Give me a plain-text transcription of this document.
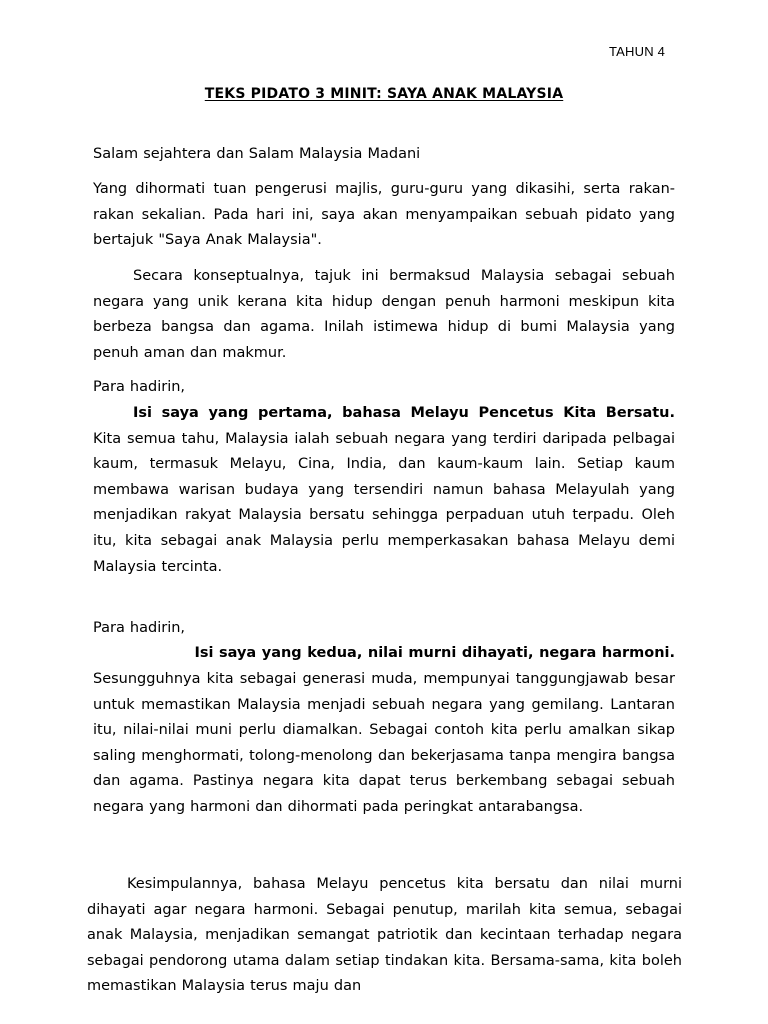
TAHUN 4
TEKS PIDATO 3 MINIT: SAYA ANAK MALAYSIA
Salam sejahtera dan Salam Malaysia Madani
Yang dihormati tuan pengerusi majlis, guru-guru yang dikasihi, serta rakan-rakan sekalian. Pada hari ini, saya akan menyampaikan sebuah pidato yang bertajuk "Saya Anak Malaysia".
Secara konseptualnya, tajuk ini bermaksud Malaysia sebagai sebuah negara yang unik kerana kita hidup dengan penuh harmoni meskipun kita berbeza bangsa dan agama. Inilah istimewa hidup di bumi Malaysia yang penuh aman dan makmur.
Para hadirin,
Isi saya yang pertama, bahasa Melayu Pencetus Kita Bersatu. Kita semua tahu, Malaysia ialah sebuah negara yang terdiri daripada pelbagai kaum, termasuk Melayu, Cina, India, dan kaum-kaum lain. Setiap kaum membawa warisan budaya yang tersendiri namun bahasa Melayulah yang menjadikan rakyat Malaysia bersatu sehingga perpaduan utuh terpadu. Oleh itu, kita sebagai anak Malaysia perlu memperkasakan bahasa Melayu demi Malaysia tercinta.
Para hadirin,
Isi saya yang kedua, nilai murni dihayati, negara harmoni.
Sesungguhnya kita sebagai generasi muda, mempunyai tanggungjawab besar untuk memastikan Malaysia menjadi sebuah negara yang gemilang. Lantaran itu, nilai-nilai muni perlu diamalkan. Sebagai contoh kita perlu amalkan sikap saling menghormati, tolong-menolong dan bekerjasama tanpa mengira bangsa dan agama. Pastinya negara kita dapat terus berkembang sebagai sebuah negara yang harmoni dan dihormati pada peringkat antarabangsa.
Kesimpulannya, bahasa Melayu pencetus kita bersatu dan nilai murni dihayati agar negara harmoni. Sebagai penutup, marilah kita semua, sebagai anak Malaysia, menjadikan semangat patriotik dan kecintaan terhadap negara sebagai pendorong utama dalam setiap tindakan kita. Bersama-sama, kita boleh memastikan Malaysia terus maju dan
